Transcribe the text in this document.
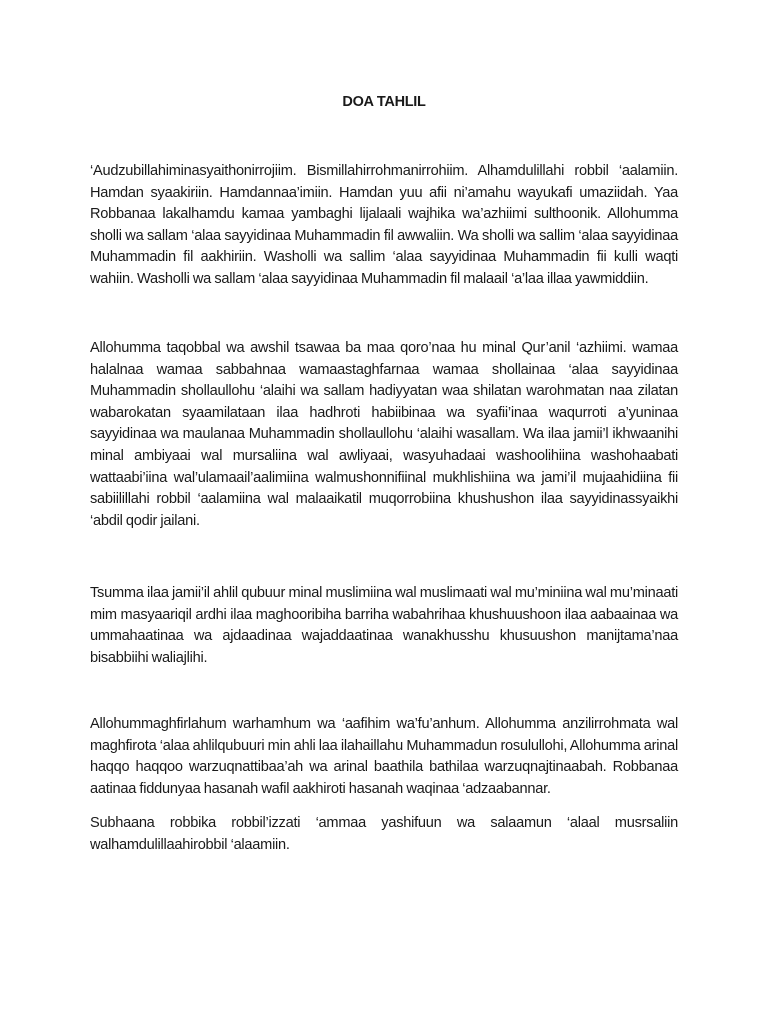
DOA TAHLIL

‘Audzubillahiminasyaithonirrojiim. Bismillahirrohmanirrohiim. Alhamdulillahi robbil ‘aalamiin. Hamdan syaakiriin. Hamdannaa’imiin. Hamdan yuu afii ni’amahu wayukafi umaziidah. Yaa Robbanaa lakalhamdu kamaa yambaghi lijalaali wajhika wa’azhiimi sulthoonik. Allohumma sholli wa sallam ‘alaa sayyidinaa Muhammadin fil awwaliin. Wa sholli wa sallim ‘alaa sayyidinaa Muhammadin fil aakhiriin. Washolli wa sallim ‘alaa sayyidinaa Muhammadin fii kulli waqti wahiin. Washolli wa sallam ‘alaa sayyidinaa Muhammadin fil malaail ‘a’laa illaa yawmiddiin.

Allohumma taqobbal wa awshil tsawaa ba maa qoro’naa hu minal Qur’anil ‘azhiimi. wamaa halalnaa wamaa sabbahnaa wamaastaghfarnaa wamaa shollainaa ‘alaa sayyidinaa Muhammadin shollaullohu ‘alaihi wa sallam hadiyyatan waa shilatan warohmatan naa zilatan wabarokatan syaamilataan ilaa hadhroti habiibinaa wa syafii’inaa waqurroti a’yuninaa sayyidinaa wa maulanaa Muhammadin shollaullohu ‘alaihi wasallam. Wa ilaa jamii’l ikhwaanihi minal ambiyaai wal mursaliina wal awliyaai, wasyuhadaai washoolihiina washohaabati wattaabi’iina wal’ulamaail’aalimiina walmushonnifiinal mukhlishiina wa jami’il mujaahidiina fii sabiilillahi robbil ‘aalamiina wal malaaikatil muqorrobiina khushushon ilaa sayyidinassyaikhi ‘abdil qodir jailani.

Tsumma ilaa jamii’il ahlil qubuur minal muslimiina wal muslimaati wal mu’miniina wal mu’minaati mim masyaariqil ardhi ilaa maghooribiha barriha wabahrihaa khushuushoon ilaa aabaainaa wa ummahaatinaa wa ajdaadinaa wajaddaatinaa wanakhusshu khusuushon manijtama’naa bisabbiihi waliajlihi.

Allohummaghfirlahum warhamhum wa ‘aafihim wa’fu’anhum. Allohumma anzilirrohmata wal maghfirota ‘alaa ahlilqubuuri min ahli laa ilahaillahu Muhammadun rosulullohi, Allohumma arinal haqqo haqqoo warzuqnattibaa’ah wa arinal baathila bathilaa warzuqnajtinaabah. Robbanaa aatinaa fiddunyaa hasanah wafil aakhiroti hasanah waqinaa ‘adzaabannar.

Subhaana robbika robbil’izzati ‘ammaa yashifuun wa salaamun ‘alaal musrsaliin walhamdulillaahirobbil ‘alaamiin.
